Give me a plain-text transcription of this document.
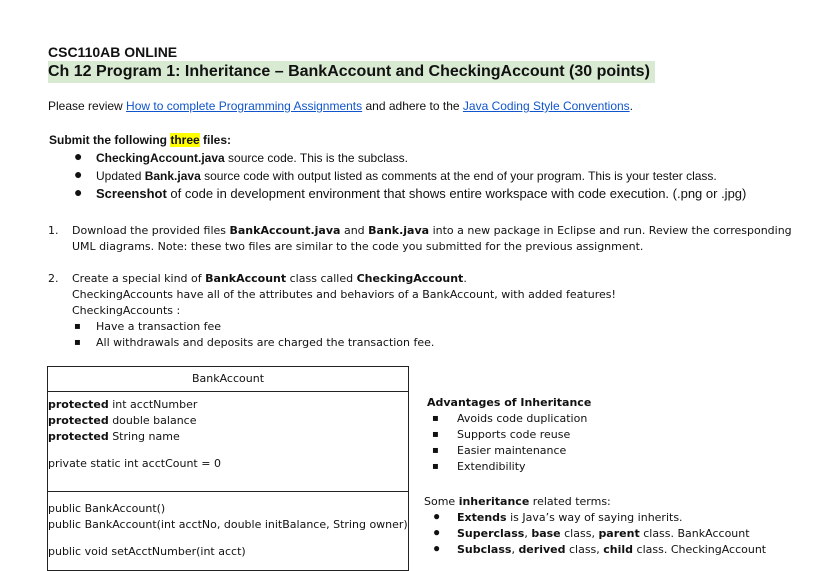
CSC110AB ONLINE
Ch 12 Program 1: Inheritance – BankAccount and CheckingAccount (30 points)
Please review How to complete Programming Assignments and adhere to the Java Coding Style Conventions.
Submit the following three files:
● CheckingAccount.java source code. This is the subclass.
● Updated Bank.java source code with output listed as comments at the end of your program. This is your tester class.
● Screenshot of code in development environment that shows entire workspace with code execution. (.png or .jpg)
1. Download the provided files BankAccount.java and Bank.java into a new package in Eclipse and run. Review the corresponding
UML diagrams. Note: these two files are similar to the code you submitted for the previous assignment.
2. Create a special kind of BankAccount class called CheckingAccount.
CheckingAccounts have all of the attributes and behaviors of a BankAccount, with added features!
CheckingAccounts :
▪ Have a transaction fee
▪ All withdrawals and deposits are charged the transaction fee.
BankAccount
protected int acctNumber
protected double balance
protected String name
private static int acctCount = 0
public BankAccount()
public BankAccount(int acctNo, double initBalance, String owner)
public void setAcctNumber(int acct)
Advantages of Inheritance
▪ Avoids code duplication
▪ Supports code reuse
▪ Easier maintenance
▪ Extendibility
Some inheritance related terms:
● Extends is Java’s way of saying inherits.
● Superclass, base class, parent class. BankAccount
● Subclass, derived class, child class. CheckingAccount
